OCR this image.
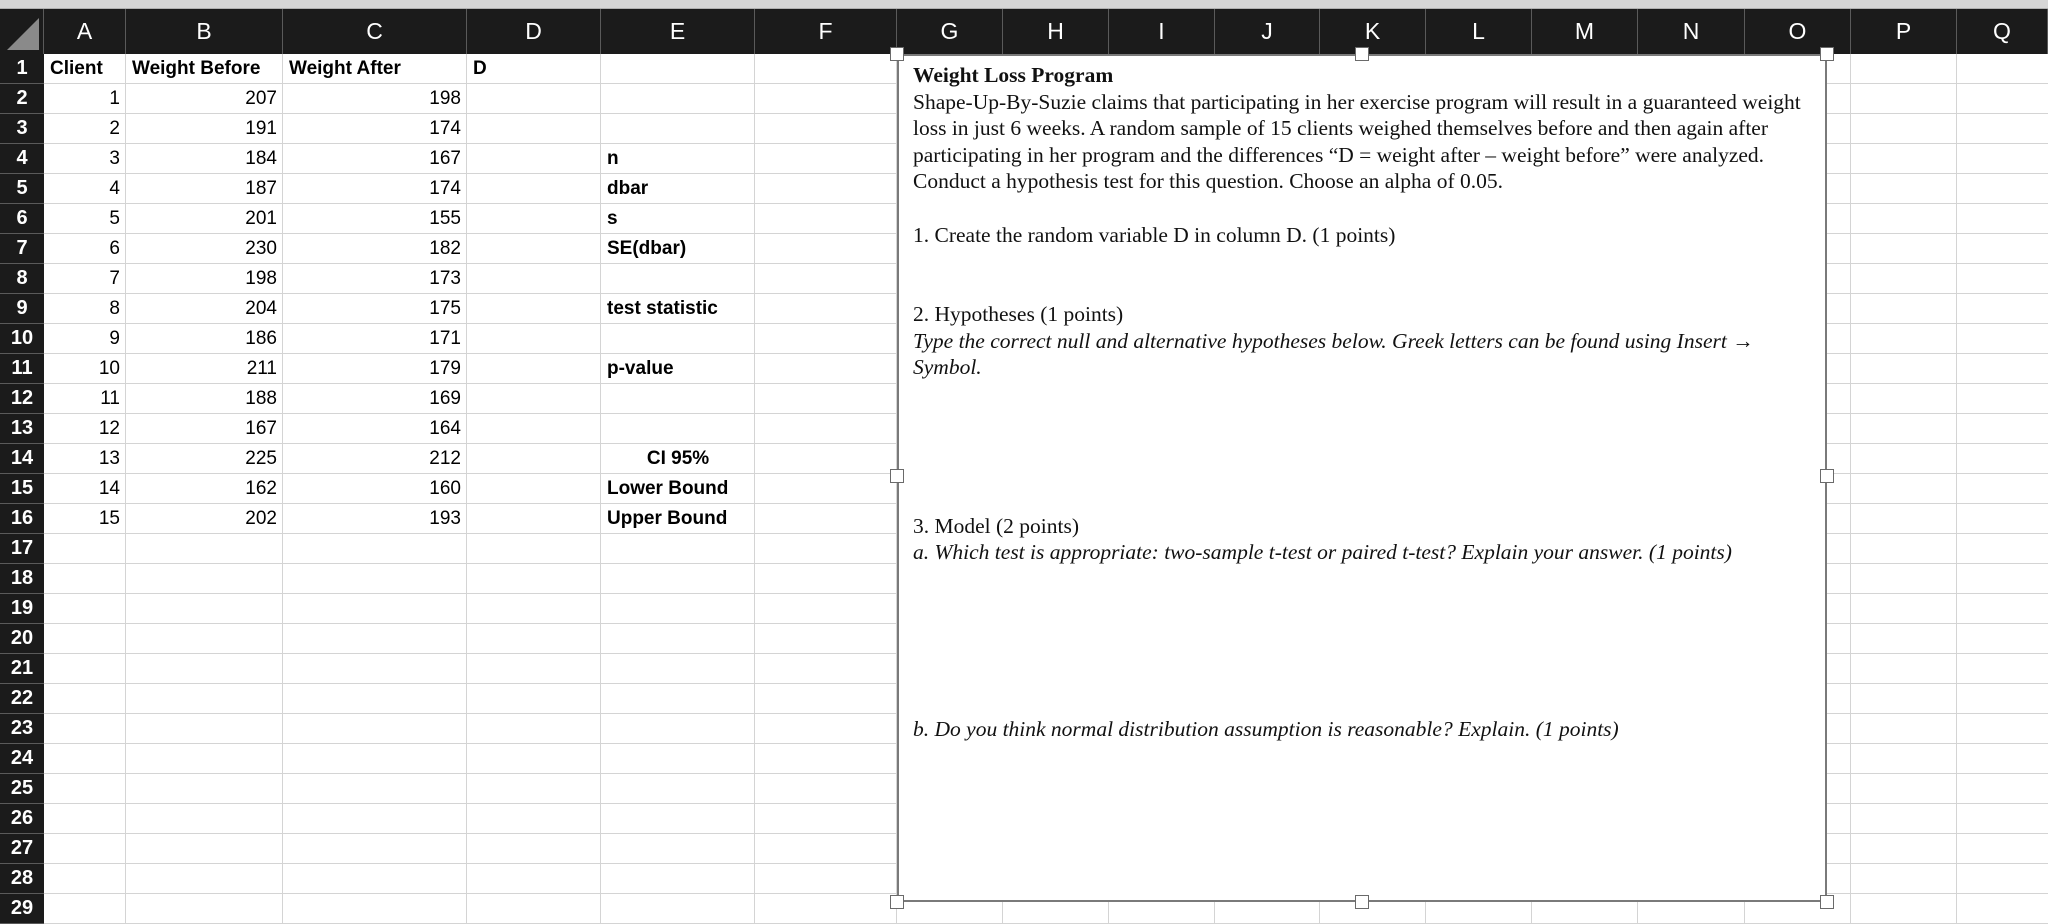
A	B	C	D	E	F	G	H	I	J	K	L	M	N	O	P	Q
1
2
3
4
5
6
7
8
9
10
11
12
13
14
15
16
17
18
19
20
21
22
23
24
25
26
27
28
29
Client	Weight Before	Weight After	D
1	207	198
2	191	174
3	184	167
4	187	174
5	201	155
6	230	182
7	198	173
8	204	175
9	186	171
10	211	179
11	188	169
12	167	164
13	225	212
14	162	160
15	202	193
n
dbar
s
SE(dbar)
test statistic
p-value
CI 95%
Lower Bound
Upper Bound
Weight Loss Program
Shape-Up-By-Suzie claims that participating in her exercise program will result in a guaranteed weight loss in just 6 weeks. A random sample of 15 clients weighed themselves before and then again after participating in her program and the differences “D = weight after – weight before” were analyzed. Conduct a hypothesis test for this question. Choose an alpha of 0.05.
1. Create the random variable D in column D. (1 points)
2. Hypotheses (1 points)
Type the correct null and alternative hypotheses below. Greek letters can be found using Insert → Symbol.
3. Model (2 points)
a. Which test is appropriate: two-sample t-test or paired t-test? Explain your answer. (1 points)
b. Do you think normal distribution assumption is reasonable? Explain. (1 points)
